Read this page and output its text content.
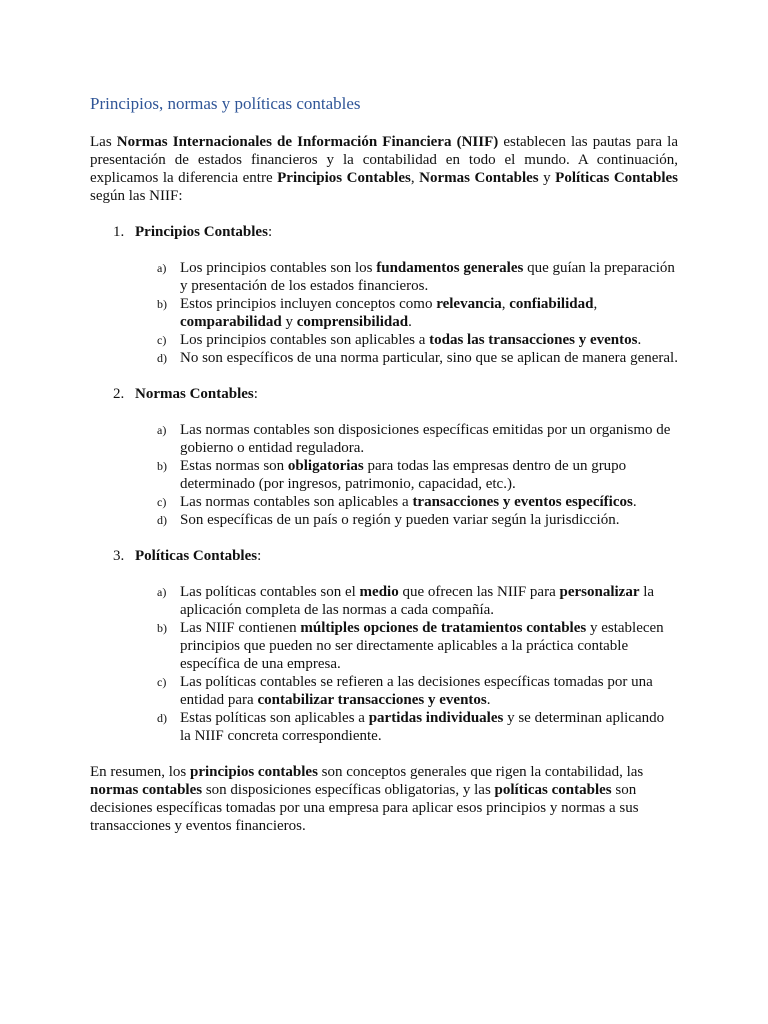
Principios, normas y políticas contables

Las Normas Internacionales de Información Financiera (NIIF) establecen las pautas para la presentación de estados financieros y la contabilidad en todo el mundo. A continuación, explicamos la diferencia entre Principios Contables, Normas Contables y Políticas Contables según las NIIF:

1. Principios Contables:
a) Los principios contables son los fundamentos generales que guían la preparación y presentación de los estados financieros.
b) Estos principios incluyen conceptos como relevancia, confiabilidad, comparabilidad y comprensibilidad.
c) Los principios contables son aplicables a todas las transacciones y eventos.
d) No son específicos de una norma particular, sino que se aplican de manera general.
2. Normas Contables:
a) Las normas contables son disposiciones específicas emitidas por un organismo de gobierno o entidad reguladora.
b) Estas normas son obligatorias para todas las empresas dentro de un grupo determinado (por ingresos, patrimonio, capacidad, etc.).
c) Las normas contables son aplicables a transacciones y eventos específicos.
d) Son específicas de un país o región y pueden variar según la jurisdicción.
3. Políticas Contables:
a) Las políticas contables son el medio que ofrecen las NIIF para personalizar la aplicación completa de las normas a cada compañía.
b) Las NIIF contienen múltiples opciones de tratamientos contables y establecen principios que pueden no ser directamente aplicables a la práctica contable específica de una empresa.
c) Las políticas contables se refieren a las decisiones específicas tomadas por una entidad para contabilizar transacciones y eventos.
d) Estas políticas son aplicables a partidas individuales y se determinan aplicando la NIIF concreta correspondiente.

En resumen, los principios contables son conceptos generales que rigen la contabilidad, las normas contables son disposiciones específicas obligatorias, y las políticas contables son decisiones específicas tomadas por una empresa para aplicar esos principios y normas a sus transacciones y eventos financieros.
